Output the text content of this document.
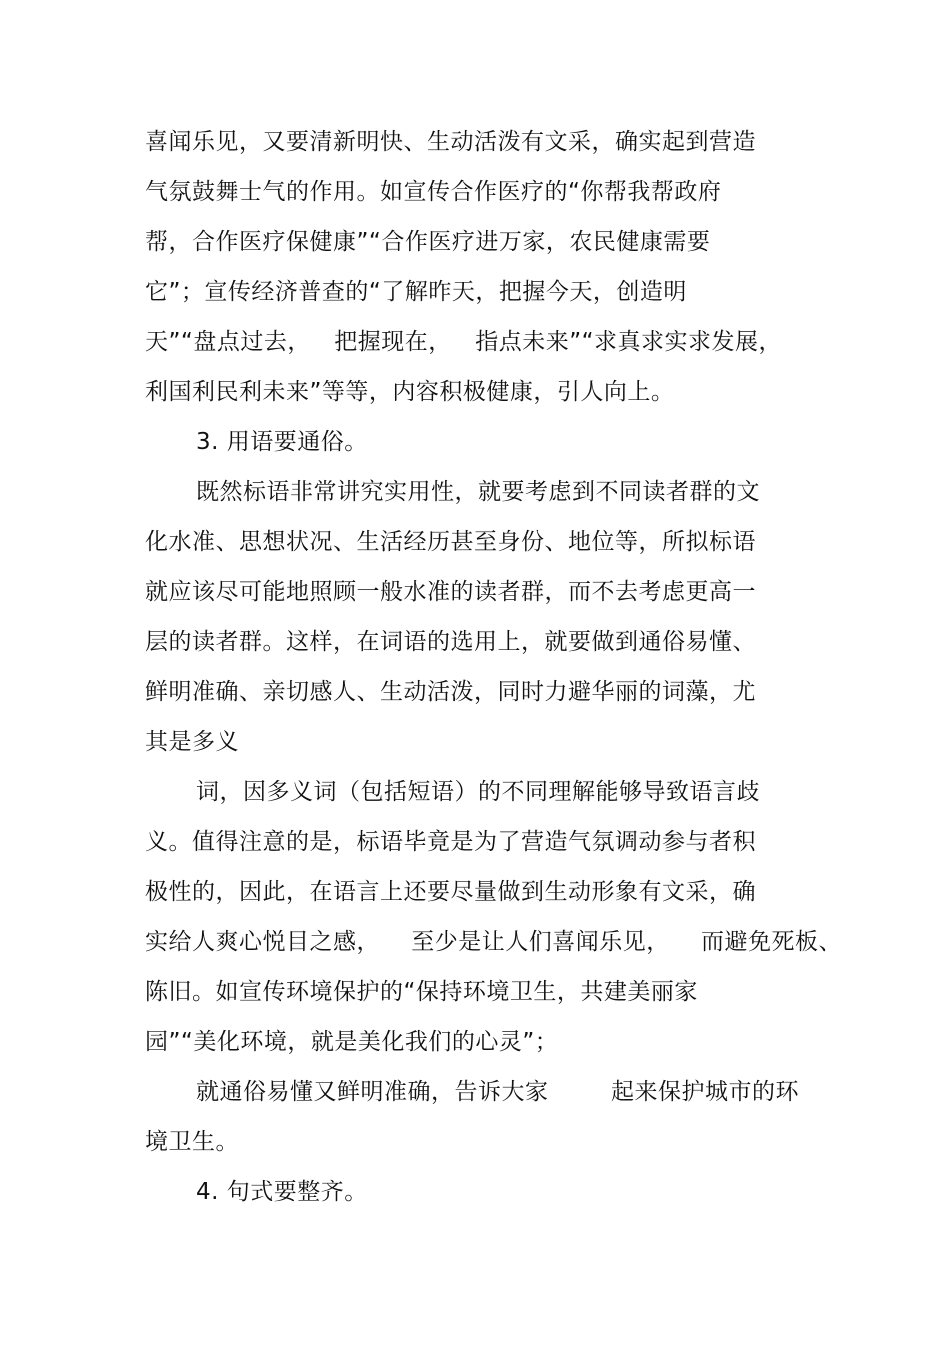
喜闻乐见，又要清新明快、生动活泼有文采，确实起到营造
气氛鼓舞士气的作用。如宣传合作医疗的“你帮我帮政府
帮，合作医疗保健康”“合作医疗进万家，农民健康需要
它”；宣传经济普查的“了解昨天，把握今天，创造明
天”“盘点过去，   把握现在，   指点未来”“求真求实求发展，
利国利民利未来”等等，内容积极健康，引人向上。
3. 用语要通俗。
既然标语非常讲究实用性，就要考虑到不同读者群的文
化水准、思想状况、生活经历甚至身份、地位等，所拟标语
就应该尽可能地照顾一般水准的读者群，而不去考虑更高一
层的读者群。这样，在词语的选用上，就要做到通俗易懂、
鲜明准确、亲切感人、生动活泼，同时力避华丽的词藻，尤
其是多义
词，因多义词（包括短语）的不同理解能够导致语言歧
义。值得注意的是，标语毕竟是为了营造气氛调动参与者积
极性的，因此，在语言上还要尽量做到生动形象有文采，确
实给人爽心悦目之感，    至少是让人们喜闻乐见，    而避免死板、
陈旧。如宣传环境保护的“保持环境卫生，共建美丽家
园”“美化环境，就是美化我们的心灵”；
就通俗易懂又鲜明准确，告诉大家        起来保护城市的环
境卫生。
4. 句式要整齐。
